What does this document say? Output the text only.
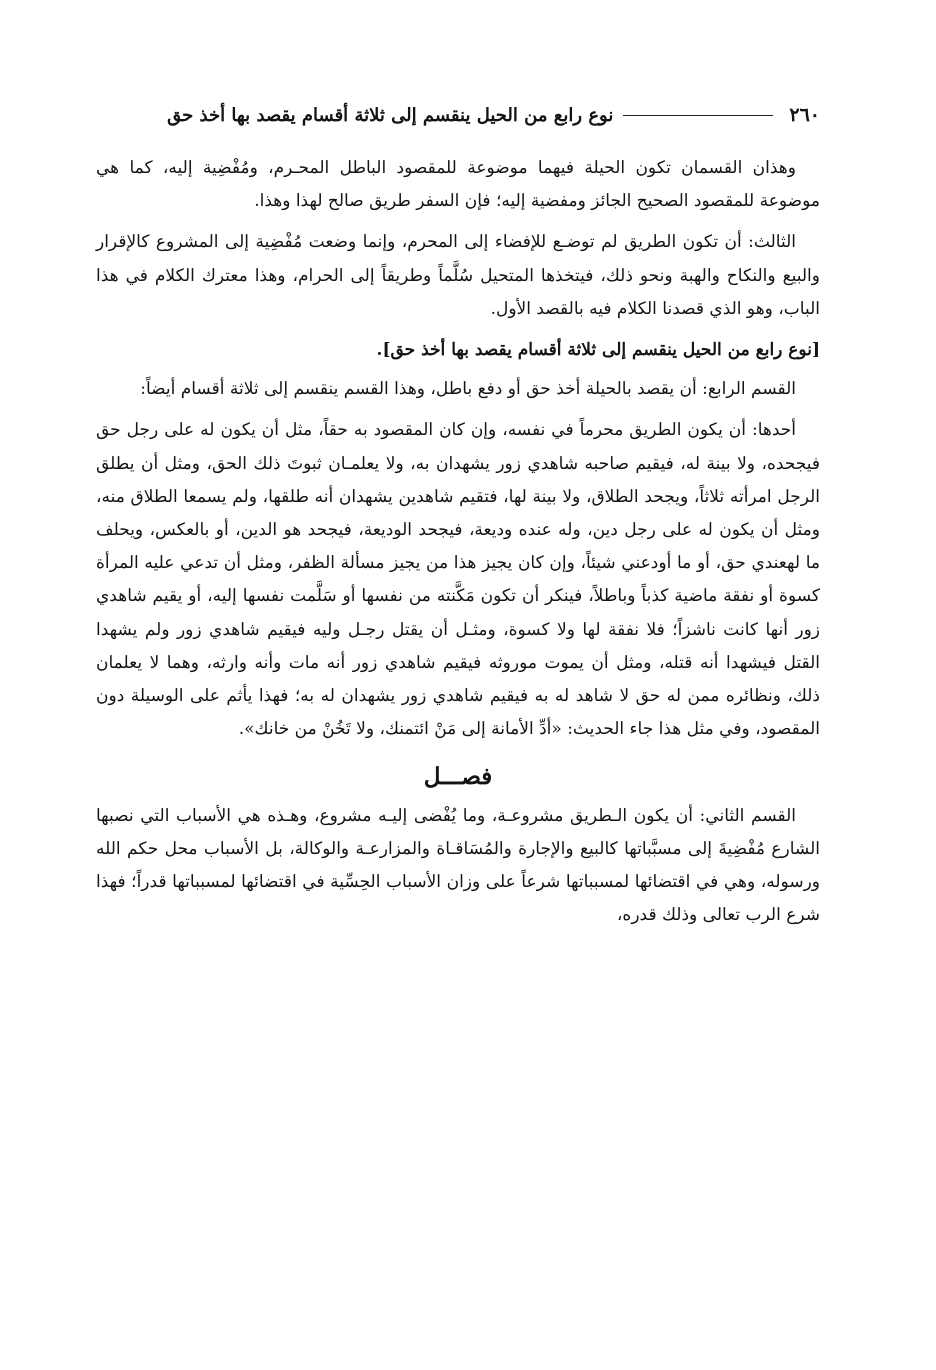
٢٦٠
نوع رابع من الحيل ينقسم إلى ثلاثة أقسام يقصد بها أخذ حق

وهذان القسمان تكون الحيلة فيهما موضوعة للمقصود الباطل المحـرم، ومُفْضِية إليه، كما هي موضوعة للمقصود الصحيح الجائز ومفضية إليه؛ فإن السفر طريق صالح لهذا وهذا.

الثالث: أن تكون الطريق لم توضـع للإفضاء إلى المحرم، وإنما وضعت مُفْضِية إلى المشروع كالإقرار والبيع والنكاح والهبة ونحو ذلك، فيتخذها المتحيل سُلَّماً وطريقاً إلى الحرام، وهذا معترك الكلام في هذا الباب، وهو الذي قصدنا الكلام فيه بالقصد الأول.

[نوع رابع من الحيل ينقسم إلى ثلاثة أقسام يقصد بها أخذ حق].

القسم الرابع: أن يقصد بالحيلة أخذ حق أو دفع باطل، وهذا القسم ينقسم إلى ثلاثة أقسام أيضاً:

أحدها: أن يكون الطريق محرماً في نفسه، وإن كان المقصود به حقاً، مثل أن يكون له على رجل حق فيجحده، ولا بينة له، فيقيم صاحبه شاهدي زور يشهدان به، ولا يعلمـان ثبوتَ ذلك الحق، ومثل أن يطلق الرجل امرأته ثلاثاً، ويجحد الطلاق، ولا بينة لها، فتقيم شاهدين يشهدان أنه طلقها، ولم يسمعا الطلاق منه، ومثل أن يكون له على رجل دين، وله عنده وديعة، فيجحد الوديعة، فيجحد هو الدين، أو بالعكس، ويحلف ما لهعندي حق، أو ما أودعني شيئاً، وإن كان يجيز هذا من يجيز مسألة الظفر، ومثل أن تدعي عليه المرأة كسوة أو نفقة ماضية كذباً وباطلاً، فينكر أن تكون مَكَّنته من نفسها أو سَلَّمت نفسها إليه، أو يقيم شاهدي زور أنها كانت ناشزاً؛ فلا نفقة لها ولا كسوة، ومثـل أن يقتل رجـل وليه فيقيم شاهدي زور ولم يشهدا القتل فيشهدا أنه قتله، ومثل أن يموت موروثه فيقيم شاهدي زور أنه مات وأنه وارثه، وهما لا يعلمان ذلك، ونظائره ممن له حق لا شاهد له به فيقيم شاهدي زور يشهدان له به؛ فهذا يأثم على الوسيلة دون المقصود، وفي مثل هذا جاء الحديث: «أدِّ الأمانة إلى مَنْ ائتمنك، ولا تَخُنْ من خانك».

فصـــل

القسم الثاني: أن يكون الـطريق مشروعـة، وما يُفْضى إليـه مشروع، وهـذه هي الأسباب التي نصبها الشارع مُفْضِيةَ إلى مسبَّباتها كالبيع والإجارة والمُسَاقـاة والمزارعـة والوكالة، بل الأسباب محل حكم الله ورسوله، وهي في اقتضائها لمسبباتها شرعاً على وزان الأسباب الحِسِّية في اقتضائها لمسبباتها قدراً؛ فهذا شرع الرب تعالى وذلك قدره،
